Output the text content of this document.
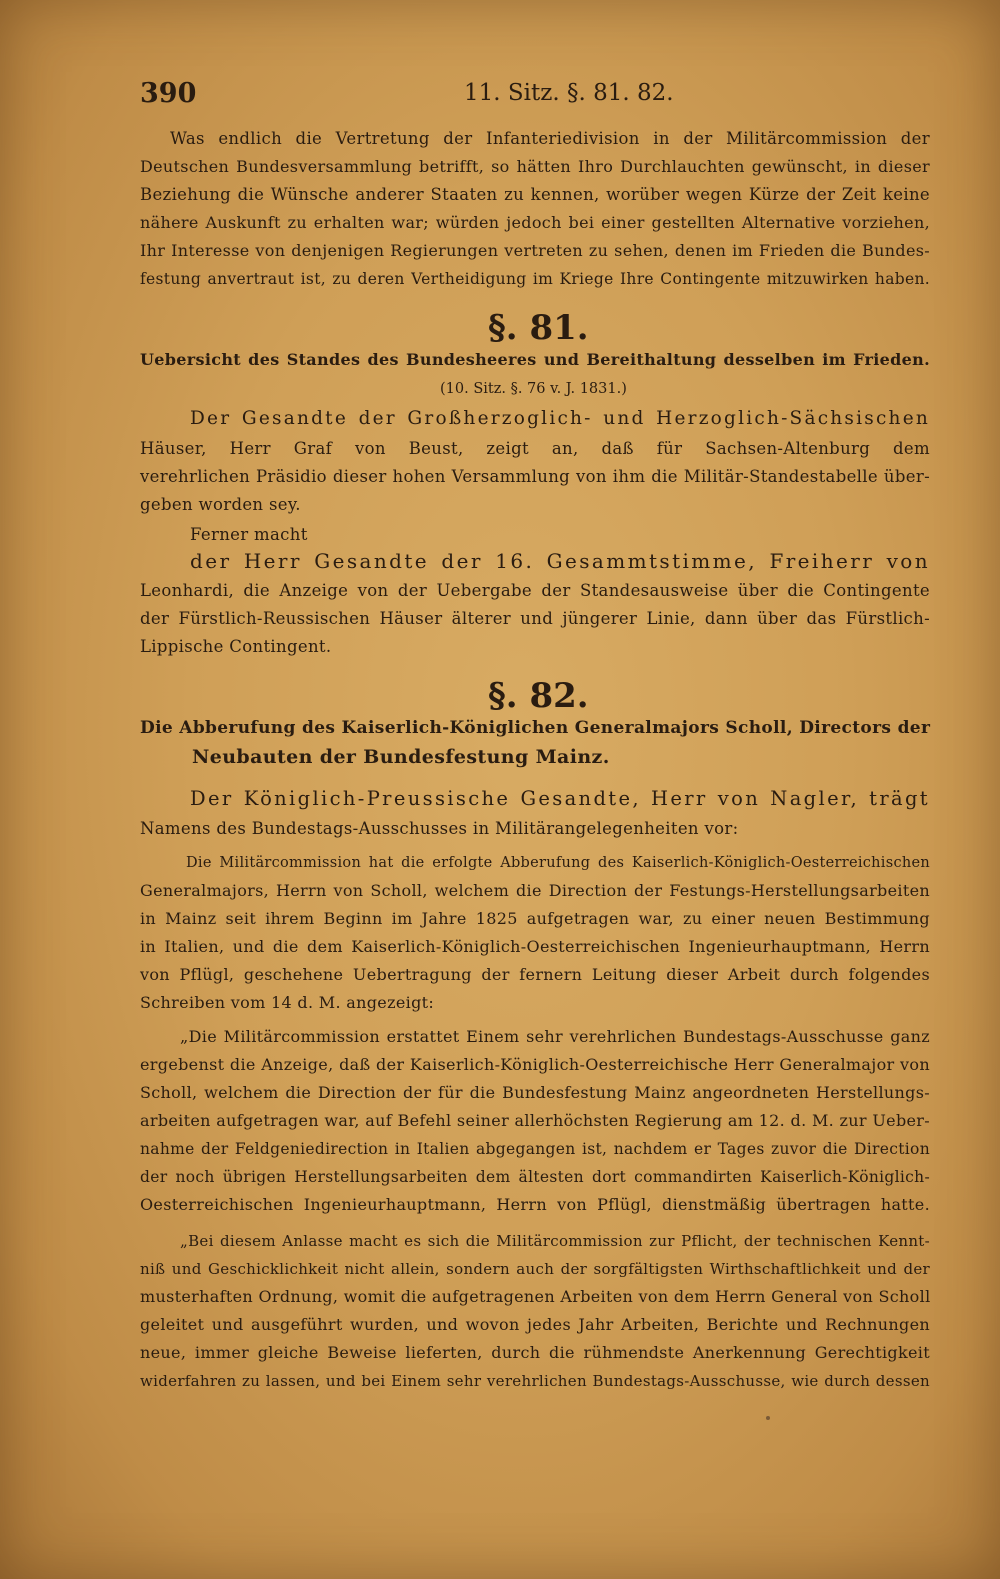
390	11. Sitz. §. 81. 82.
Was endlich die Vertretung der Infanteriedivision in der Militärcommission der
Deutschen Bundesversammlung betrifft, so hätten Ihro Durchlauchten gewünscht, in dieser
Beziehung die Wünsche anderer Staaten zu kennen, worüber wegen Kürze der Zeit keine
nähere Auskunft zu erhalten war; würden jedoch bei einer gestellten Alternative vorziehen,
Ihr Interesse von denjenigen Regierungen vertreten zu sehen, denen im Frieden die Bundes-
festung anvertraut ist, zu deren Vertheidigung im Kriege Ihre Contingente mitzuwirken haben.
§. 81.
Uebersicht des Standes des Bundesheeres und Bereithaltung desselben im Frieden.
(10. Sitz. §. 76 v. J. 1831.)
Der Gesandte der Großherzoglich- und Herzoglich-Sächsischen
Häuser, Herr Graf von Beust, zeigt an, daß für Sachsen-Altenburg dem
verehrlichen Präsidio dieser hohen Versammlung von ihm die Militär-Standestabelle über-
geben worden sey.
Ferner macht
der Herr Gesandte der 16. Gesammtstimme, Freiherr von
Leonhardi, die Anzeige von der Uebergabe der Standesausweise über die Contingente
der Fürstlich-Reussischen Häuser älterer und jüngerer Linie, dann über das Fürstlich-
Lippische Contingent.
§. 82.
Die Abberufung des Kaiserlich-Königlichen Generalmajors Scholl, Directors der
Neubauten der Bundesfestung Mainz.
Der Königlich-Preussische Gesandte, Herr von Nagler, trägt
Namens des Bundestags-Ausschusses in Militärangelegenheiten vor:
Die Militärcommission hat die erfolgte Abberufung des Kaiserlich-Königlich-Oesterreichischen
Generalmajors, Herrn von Scholl, welchem die Direction der Festungs-Herstellungsarbeiten
in Mainz seit ihrem Beginn im Jahre 1825 aufgetragen war, zu einer neuen Bestimmung
in Italien, und die dem Kaiserlich-Königlich-Oesterreichischen Ingenieurhauptmann, Herrn
von Pflügl, geschehene Uebertragung der fernern Leitung dieser Arbeit durch folgendes
Schreiben vom 14 d. M. angezeigt:
„Die Militärcommission erstattet Einem sehr verehrlichen Bundestags-Ausschusse ganz
ergebenst die Anzeige, daß der Kaiserlich-Königlich-Oesterreichische Herr Generalmajor von
Scholl, welchem die Direction der für die Bundesfestung Mainz angeordneten Herstellungs-
arbeiten aufgetragen war, auf Befehl seiner allerhöchsten Regierung am 12. d. M. zur Ueber-
nahme der Feldgeniedirection in Italien abgegangen ist, nachdem er Tages zuvor die Direction
der noch übrigen Herstellungsarbeiten dem ältesten dort commandirten Kaiserlich-Königlich-
Oesterreichischen Ingenieurhauptmann, Herrn von Pflügl, dienstmäßig übertragen hatte.
„Bei diesem Anlasse macht es sich die Militärcommission zur Pflicht, der technischen Kennt-
niß und Geschicklichkeit nicht allein, sondern auch der sorgfältigsten Wirthschaftlichkeit und der
musterhaften Ordnung, womit die aufgetragenen Arbeiten von dem Herrn General von Scholl
geleitet und ausgeführt wurden, und wovon jedes Jahr Arbeiten, Berichte und Rechnungen
neue, immer gleiche Beweise lieferten, durch die rühmendste Anerkennung Gerechtigkeit
widerfahren zu lassen, und bei Einem sehr verehrlichen Bundestags-Ausschusse, wie durch dessen
